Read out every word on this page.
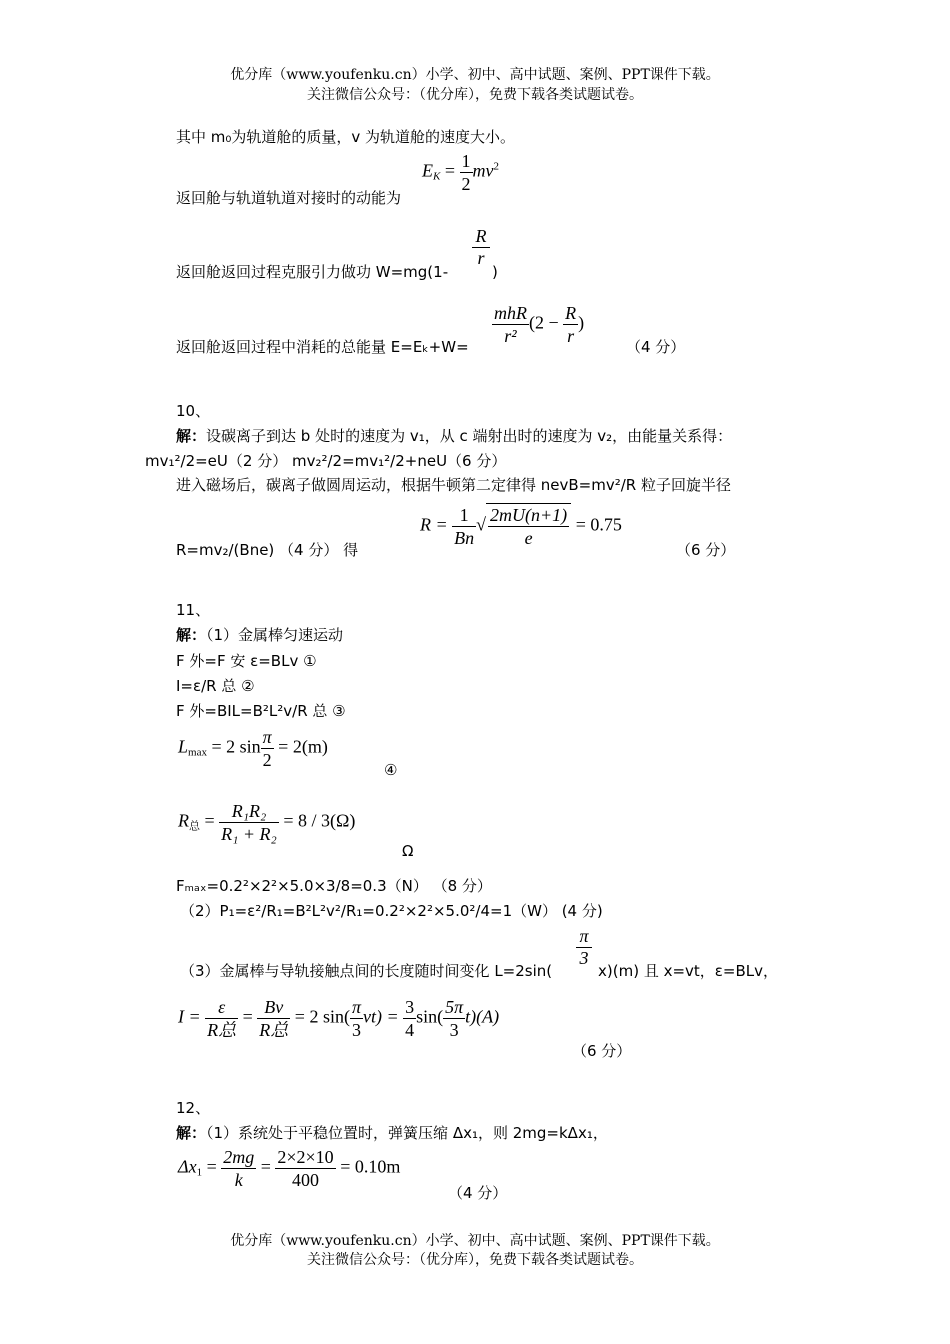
优分库（www.youfenku.cn）小学、初中、高中试题、案例、PPT课件下载。
关注微信公众号：（优分库），免费下载各类试题试卷。
其中 m₀为轨道舱的质量，v 为轨道舱的速度大小。
$E_K = \frac{1}{2} mv^2$
返回舱与轨道轨道对接时的动能为
R
r
返回舱返回过程克服引力做功 W=mg(1-	)
$\frac{\text{mhR}}{\text{r²}} (2 - \frac{R}{r}$ )
返回舱返回过程中消耗的总能量 E=Eₖ+W=	（4 分）
10、
解：设碳离子到达 b 处时的速度为 v₁，从 c 端射出时的速度为 v₂，由能量关系得：
mv₁²/2=eU（2 分） mv₂²/2=mv₁²/2+neU（6 分）
进入磁场后，碳离子做圆周运动，根据牛顿第二定律得 nevB=mv²/R 粒子回旋半径
$R = \frac{1}{Bn}$ √ $\frac{2mU(n+1)}{e} = 0.75$
R=mv₂/(Bne) （4 分） 得	（6 分）
11、
解：（1）金属棒匀速运动
F 外=F 安 ε=BLv ①
I=ε/R 总 ②
F 外=BIL=B²L²v/R 总 ③
$L_{max} = 2$ $\sin \frac{\pi}{2} = 2(m)$
④
$R_总 = \frac{\text{R₁R₂}}{\text{R₁ + R₂}} = 8 / 3(\Omega)$
Ω
Fₘₐₓ=0.2²×2²×5.0×3/8=0.3（N） （8 分）
（2）P₁=ε²/R₁=B²L²v²/R₁=0.2²×2²×5.0²/4=1（W） (4 分)
π
3
（3）金属棒与导轨接触点间的长度随时间变化 L=2sin(	x)(m) 且 x=vt，ε=BLv，
$I = \frac{\varepsilon}{\text{R总}} = \frac{Bv}{\text{R总}} = 2$ $\sin( \frac{\pi}{3} vt) = \frac{3}{4} \sin( \frac{5\pi}{3} t)(A)$
（6 分）
12、
解：（1）系统处于平稳位置时，弹簧压缩 Δx₁，则 2mg=kΔx₁，
$\Delta x_1 = \frac{2mg}{k} = \frac{2\times 2\times 10}{400} = 0.10m$
（4 分）
优分库（www.youfenku.cn）小学、初中、高中试题、案例、PPT课件下载。
关注微信公众号：（优分库），免费下载各类试题试卷。
